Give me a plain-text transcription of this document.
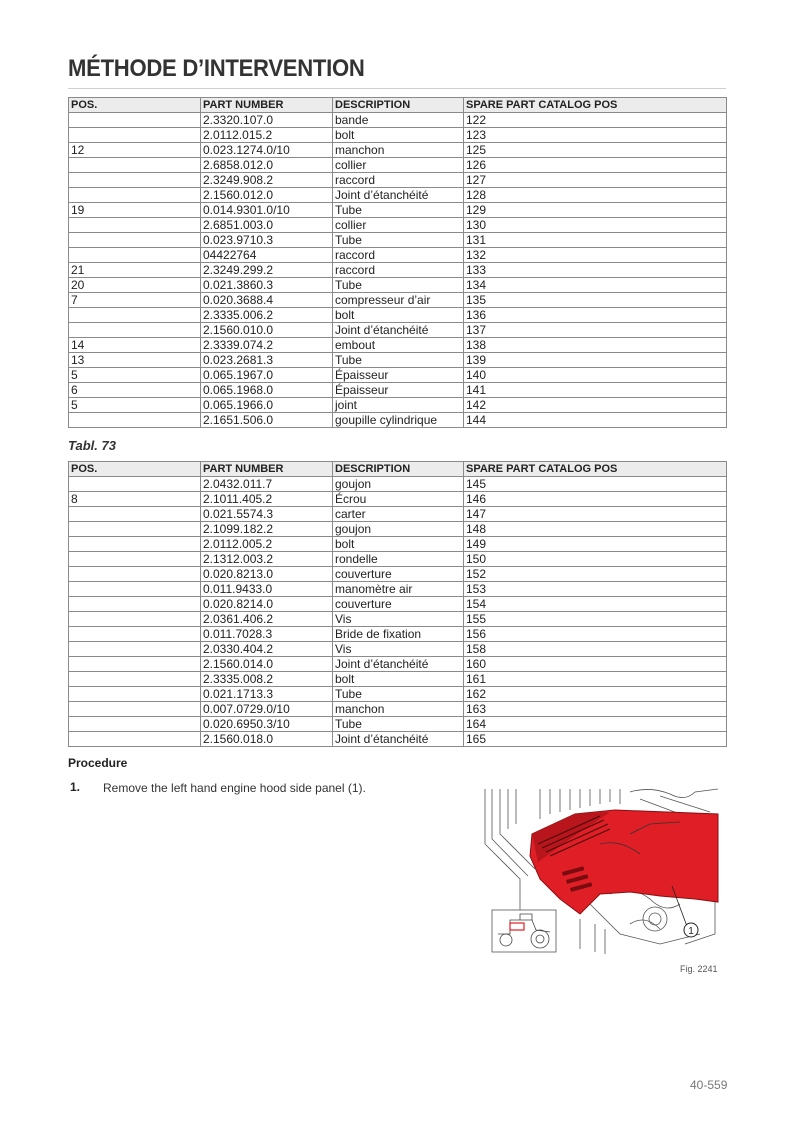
MÉTHODE D’INTERVENTION
POS.	PART NUMBER	DESCRIPTION	SPARE PART CATALOG POS
	2.3320.107.0	bande	122
	2.0112.015.2	bolt	123
12	0.023.1274.0/10	manchon	125
	2.6858.012.0	collier	126
	2.3249.908.2	raccord	127
	2.1560.012.0	Joint d’étanchéité	128
19	0.014.9301.0/10	Tube	129
	2.6851.003.0	collier	130
	0.023.9710.3	Tube	131
	04422764	raccord	132
21	2.3249.299.2	raccord	133
20	0.021.3860.3	Tube	134
7	0.020.3688.4	compresseur d’air	135
	2.3335.006.2	bolt	136
	2.1560.010.0	Joint d’étanchéité	137
14	2.3339.074.2	embout	138
13	0.023.2681.3	Tube	139
5	0.065.1967.0	Épaisseur	140
6	0.065.1968.0	Épaisseur	141
5	0.065.1966.0	joint	142
	2.1651.506.0	goupille cylindrique	144
Tabl. 73
POS.	PART NUMBER	DESCRIPTION	SPARE PART CATALOG POS
	2.0432.011.7	goujon	145
8	2.1011.405.2	Écrou	146
	0.021.5574.3	carter	147
	2.1099.182.2	goujon	148
	2.0112.005.2	bolt	149
	2.1312.003.2	rondelle	150
	0.020.8213.0	couverture	152
	0.011.9433.0	manomètre air	153
	0.020.8214.0	couverture	154
	2.0361.406.2	Vis	155
	0.011.7028.3	Bride de fixation	156
	2.0330.404.2	Vis	158
	2.1560.014.0	Joint d’étanchéité	160
	2.3335.008.2	bolt	161
	0.021.1713.3	Tube	162
	0.007.0729.0/10	manchon	163
	0.020.6950.3/10	Tube	164
	2.1560.018.0	Joint d’étanchéité	165
Procedure
1. Remove the left hand engine hood side panel (1).
1
Fig. 2241
40-559
